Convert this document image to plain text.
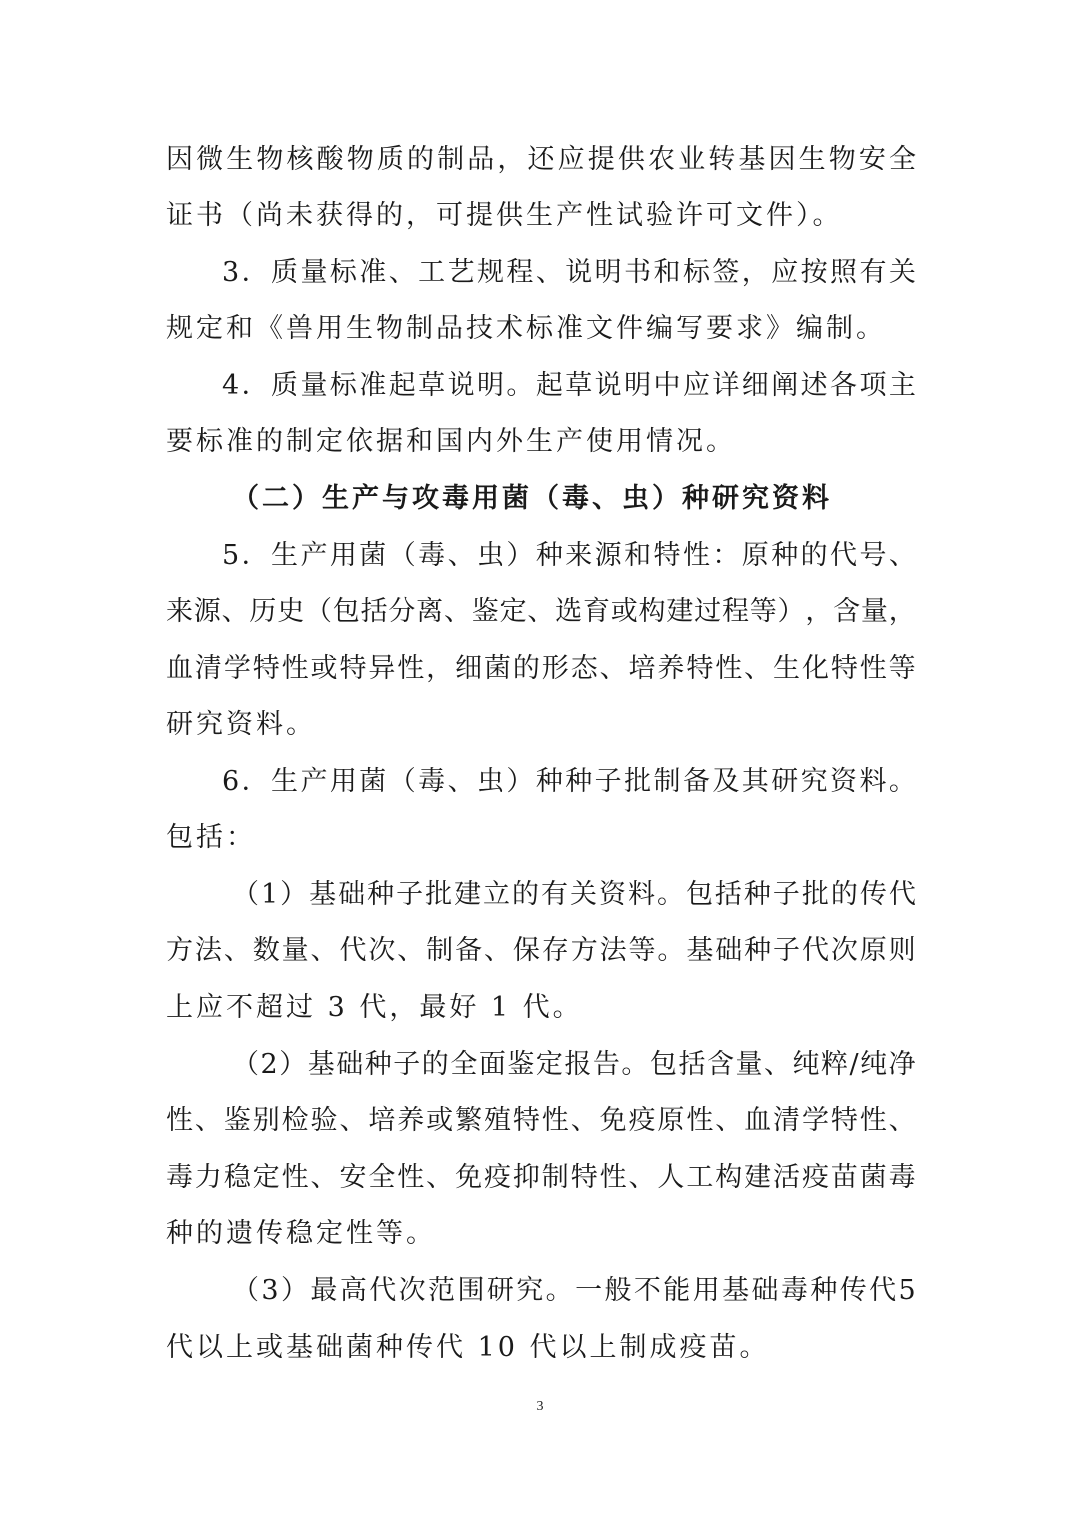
因 微 生 物 核 酸 物 质 的 制 品 ， 还 应 提 供 农 业 转 基 因 生 物 安 全
证书（尚未获得的，可提供生产性试验许可文件）。
3 ． 质 量 标 准 、 工 艺 规 程 、 说 明 书 和 标 签 ， 应 按 照 有 关
规定和《兽用生物制品技术标准文件编写要求》编制。
4 ． 质 量 标 准 起 草 说 明 。 起 草 说 明 中 应 详 细 阐 述 各 项 主
要标准的制定依据和国内外生产使用情况。
（二）生产与攻毒用菌（毒、虫）种研究资料
5 ． 生 产 用 菌 （ 毒 、 虫 ） 种 来 源 和 特 性 ： 原 种 的 代 号 、
来 源 、 历 史 （ 包 括 分 离 、 鉴 定 、 选 育 或 构 建 过 程 等 ） ， 含 量 ，
血 清 学 特 性 或 特 异 性 ， 细 菌 的 形 态 、 培 养 特 性 、 生 化 特 性 等
研究资料。
6 ． 生 产 用 菌 （ 毒 、 虫 ） 种 种 子 批 制 备 及 其 研 究 资 料 。
包括：
（ 1 ） 基 础 种 子 批 建 立 的 有 关 资 料 。 包 括 种 子 批 的 传 代
方 法 、 数 量 、 代 次 、 制 备 、 保 存 方 法 等 。 基 础 种 子 代 次 原 则
上应不超过 3 代，最好 1 代。
（ 2 ） 基 础 种 子 的 全 面 鉴 定 报 告 。 包 括 含 量 、 纯 粹 / 纯 净
性 、 鉴 别 检 验 、 培 养 或 繁 殖 特 性 、 免 疫 原 性 、 血 清 学 特 性 、
毒 力 稳 定 性 、 安 全 性 、 免 疫 抑 制 特 性 、 人 工 构 建 活 疫 苗 菌 毒
种的遗传稳定性等。
（ 3 ） 最 高 代 次 范 围 研 究 。 一 般 不 能 用 基 础 毒 种 传 代 5
代以上或基础菌种传代 10 代以上制成疫苗。
3
